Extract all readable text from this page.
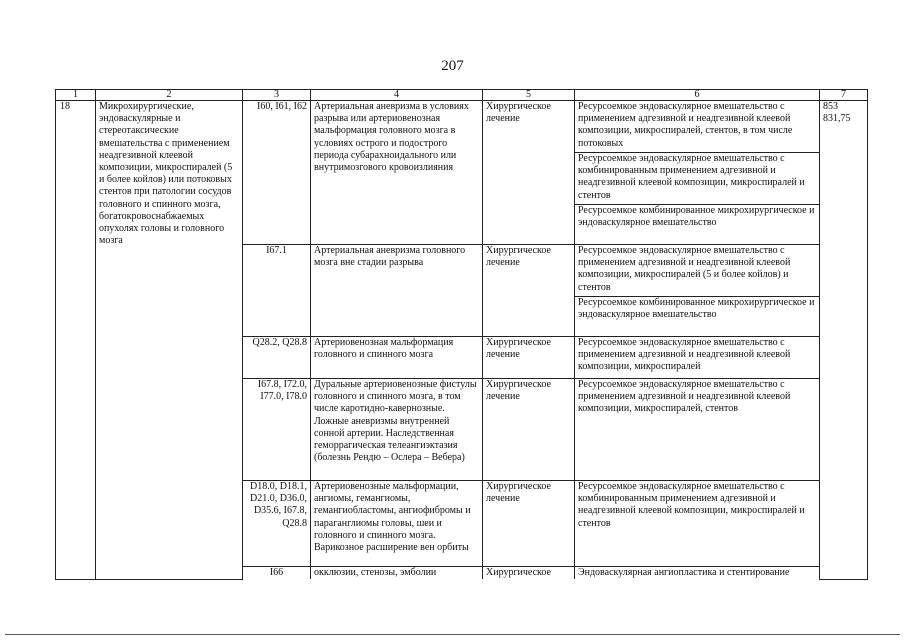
207
1	2	3	4	5	6	7
18	Микрохирургические, эндоваскулярные и стереотаксические вмешательства с применением неадгезивной клеевой композиции, микроспиралей (5 и более койлов) или потоковых стентов при патологии сосудов головного и спинного мозга, богатокровоснабжаемых опухолях головы и головного мозга	I60, I61, I62	Артериальная аневризма в условиях разрыва или артериовенозная мальформация головного мозга в условиях острого и подострого периода субарахноидального или внутримозгового кровоизлияния	Хирургическое лечение	Ресурсоемкое эндоваскулярное вмешательство с применением адгезивной и неадгезивной клеевой композиции, микроспиралей, стентов, в том числе потоковых	853 831,75
					Ресурсоемкое эндоваскулярное вмешательство с комбинированным применением адгезивной и неадгезивной клеевой композиции, микроспиралей и стентов	
					Ресурсоемкое комбинированное микрохирургическое и эндоваскулярное вмешательство	
		I67.1	Артериальная аневризма головного мозга вне стадии разрыва	Хирургическое лечение	Ресурсоемкое эндоваскулярное вмешательство с применением адгезивной и неадгезивной клеевой композиции, микроспиралей (5 и более койлов) и стентов	
					Ресурсоемкое комбинированное микрохирургическое и эндоваскулярное вмешательство	
		Q28.2, Q28.8	Артериовенозная мальформация головного и спинного мозга	Хирургическое лечение	Ресурсоемкое эндоваскулярное вмешательство с применением адгезивной и неадгезивной клеевой композиции, микроспиралей	
		I67.8, I72.0, I77.0, I78.0	Дуральные артериовенозные фистулы головного и спинного мозга, в том числе каротидно-кавернозные. Ложные аневризмы внутренней сонной артерии. Наследственная геморрагическая телеангиэктазия (болезнь Рендю – Ослера – Вебера)	Хирургическое лечение	Ресурсоемкое эндоваскулярное вмешательство с применением адгезивной и неадгезивной клеевой композиции, микроспиралей, стентов	
		D18.0, D18.1, D21.0, D36.0, D35.6, I67.8, Q28.8	Артериовенозные мальформации, ангиомы, гемангиомы, гемангиобластомы, ангиофибромы и параганглиомы головы, шеи и головного и спинного мозга. Варикозное расширение вен орбиты	Хирургическое лечение	Ресурсоемкое эндоваскулярное вмешательство с комбинированным применением адгезивной и неадгезивной клеевой композиции, микроспиралей и стентов	
		I66	окклюзии, стенозы, эмболии	Хирургическое	Эндоваскулярная ангиопластика и стентирование	
